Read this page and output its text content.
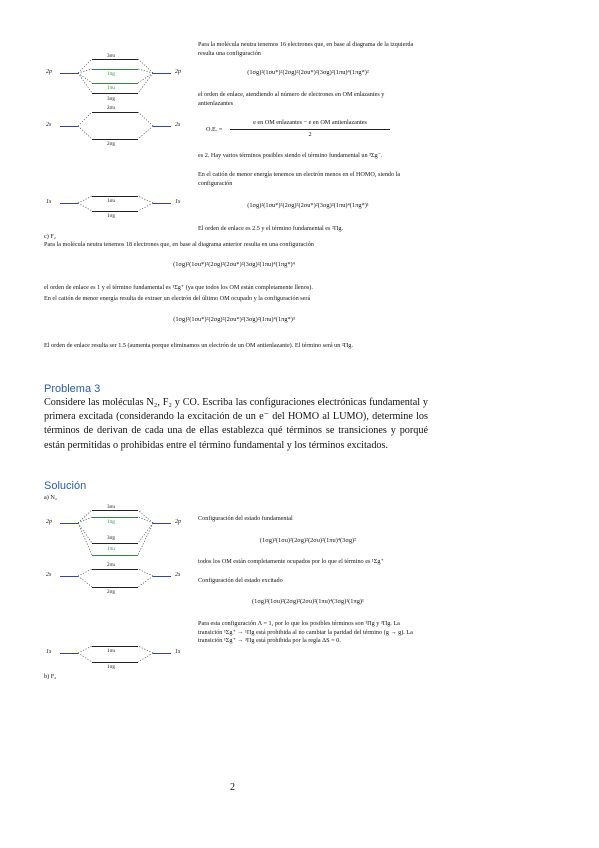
2p	2p
2s	2s
1s	1s
3σu
1πg
1πu
3σg
2σu
2σg
1σu
1σg
Para la molécula neutra tenemos 16 electrones que, en base al diagrama de la izquierda resulta una configuración
(1σg)²(1σu*)²(2σg)²(2σu*)²(3σg)²(1πu)⁴(1πg*)²
el orden de enlace, atendiendo al número de electrones en OM enlazantes y antienlazantes
O.E. =
e en OM enlazantes − e en OM antienlazantes
2
es 2. Hay varios términos posibles siendo el término fundamental un ³Σg⁻.
En el catión de menor energía tenemos un electrón menos en el HOMO, siendo la configuración
(1σg)²(1σu*)²(2σg)²(2σu*)²(3σg)²(1πu)⁴(1πg*)¹
El orden de enlace es 2.5 y el término fundamental es ²Πg.
c) F₂
Para la molécula neutra tenemos 18 electrones que, en base al diagrama anterior resulta en una configuración
(1σg)²(1σu*)²(2σg)²(2σu*)²(3σg)²(1πu)⁴(1πg*)⁴
el orden de enlace es 1 y el término fundamental es ¹Σg⁺ (ya que todos los OM están completamente llenos).
En el catión de menor energía resulta de extraer un electrón del último OM ocupado y la configuración será
(1σg)²(1σu*)²(2σg)²(2σu*)²(3σg)²(1πu)⁴(1πg*)³
El orden de enlace resulta ser 1.5 (aumenta porque eliminamos un electrón de un OM antienlazante). El término será un ²Πg.
Problema 3
Considere las moléculas N₂, F₂ y CO. Escriba las configuraciones electrónicas fundamental y primera excitada (considerando la excitación de un e⁻ del HOMO al LUMO), determine los términos de derivan de cada una de ellas establezca qué términos se transiciones y porqué están permitidas o prohibidas entre el término fundamental y los términos excitados.
Solución
a) N₂
2p	2p
2s	2s
1s	1s
3σu
1πg
3σg
1πu
2σu
2σg
1σu
1σg
Configuración del estado fundamental
(1σg)²(1σu)²(2σg)²(2σu)²(1πu)⁴(3σg)²
todos los OM están completamente ocupados por lo que el término es ¹Σg⁺
Configuración del estado excitado
(1σg)²(1σu)²(2σg)²(2σu)²(1πu)⁴(3σg)¹(1πg)¹
Para esta configuración Λ = 1, por lo que los posibles términos son ¹Πg y ³Πg. La transición ¹Σg⁺ → ¹Πg está prohibida al no cambiar la paridad del término (g → g). La transición ¹Σg⁺ → ³Πg está prohibida por la regla ΔS = 0.
b) F₂
2
